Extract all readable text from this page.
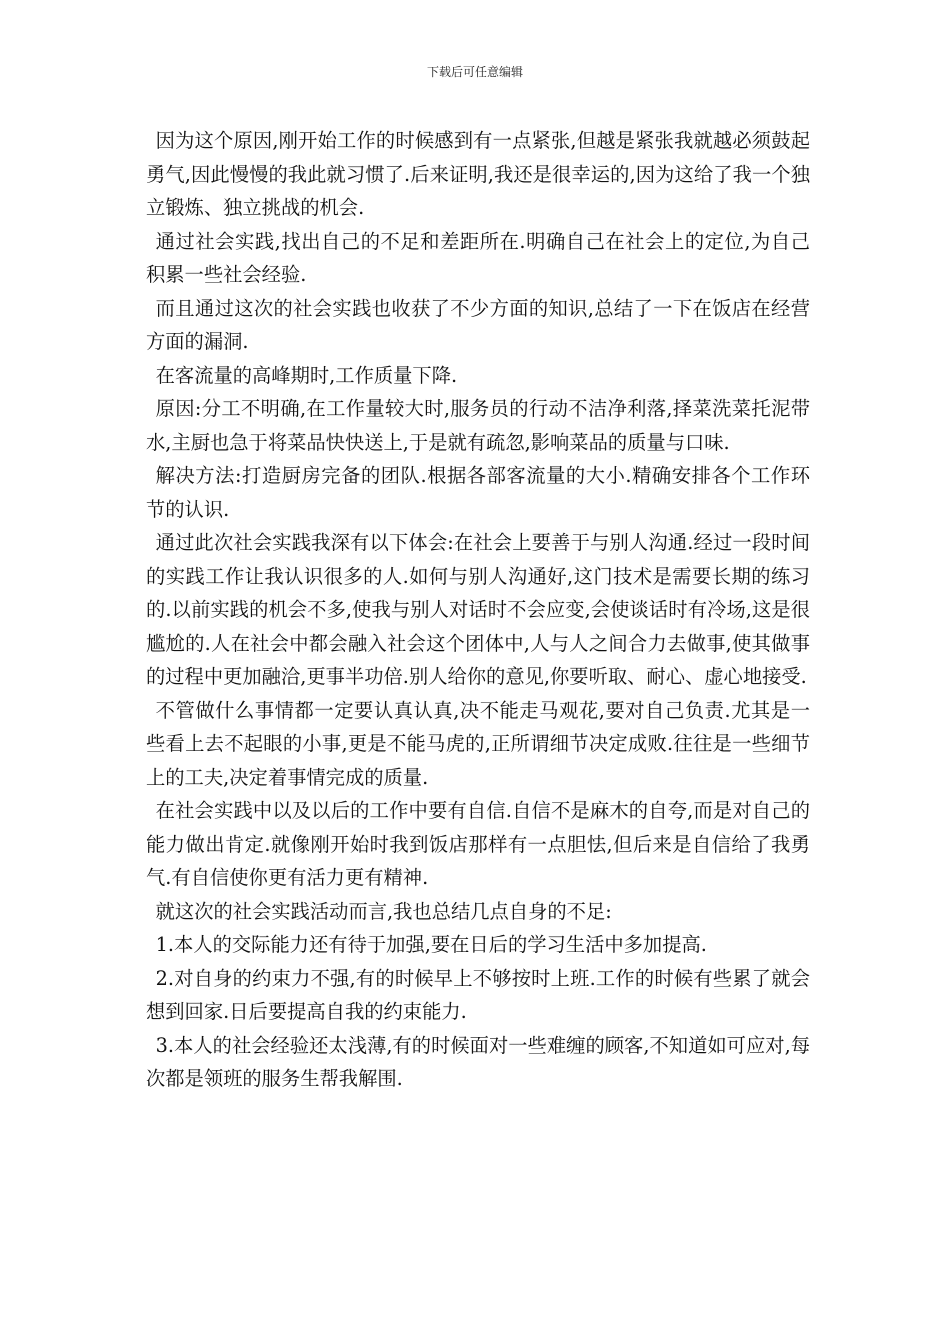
下载后可任意编辑

因为这个原因,刚开始工作的时候感到有一点紧张,但越是紧张我就越必须鼓起勇气,因此慢慢的我此就习惯了.后来证明,我还是很幸运的,因为这给了我一个独立锻炼、独立挑战的机会.

通过社会实践,找出自己的不足和差距所在.明确自己在社会上的定位,为自己积累一些社会经验.

而且通过这次的社会实践也收获了不少方面的知识,总结了一下在饭店在经营方面的漏洞.

在客流量的高峰期时,工作质量下降.

原因:分工不明确,在工作量较大时,服务员的行动不洁净利落,择菜洗菜托泥带水,主厨也急于将菜品快快送上,于是就有疏忽,影响菜品的质量与口味.

解决方法:打造厨房完备的团队.根据各部客流量的大小.精确安排各个工作环节的认识.

通过此次社会实践我深有以下体会:在社会上要善于与别人沟通.经过一段时间的实践工作让我认识很多的人.如何与别人沟通好,这门技术是需要长期的练习的.以前实践的机会不多,使我与别人对话时不会应变,会使谈话时有冷场,这是很尴尬的.人在社会中都会融入社会这个团体中,人与人之间合力去做事,使其做事的过程中更加融洽,更事半功倍.别人给你的意见,你要听取、耐心、虚心地接受.

不管做什么事情都一定要认真认真,决不能走马观花,要对自己负责.尤其是一些看上去不起眼的小事,更是不能马虎的,正所谓细节决定成败.往往是一些细节上的工夫,决定着事情完成的质量.

在社会实践中以及以后的工作中要有自信.自信不是麻木的自夸,而是对自己的能力做出肯定.就像刚开始时我到饭店那样有一点胆怯,但后来是自信给了我勇气.有自信使你更有活力更有精神.

就这次的社会实践活动而言,我也总结几点自身的不足:

1.本人的交际能力还有待于加强,要在日后的学习生活中多加提高.

2.对自身的约束力不强,有的时候早上不够按时上班.工作的时候有些累了就会想到回家.日后要提高自我的约束能力.

3.本人的社会经验还太浅薄,有的时候面对一些难缠的顾客,不知道如可应对,每次都是领班的服务生帮我解围.
